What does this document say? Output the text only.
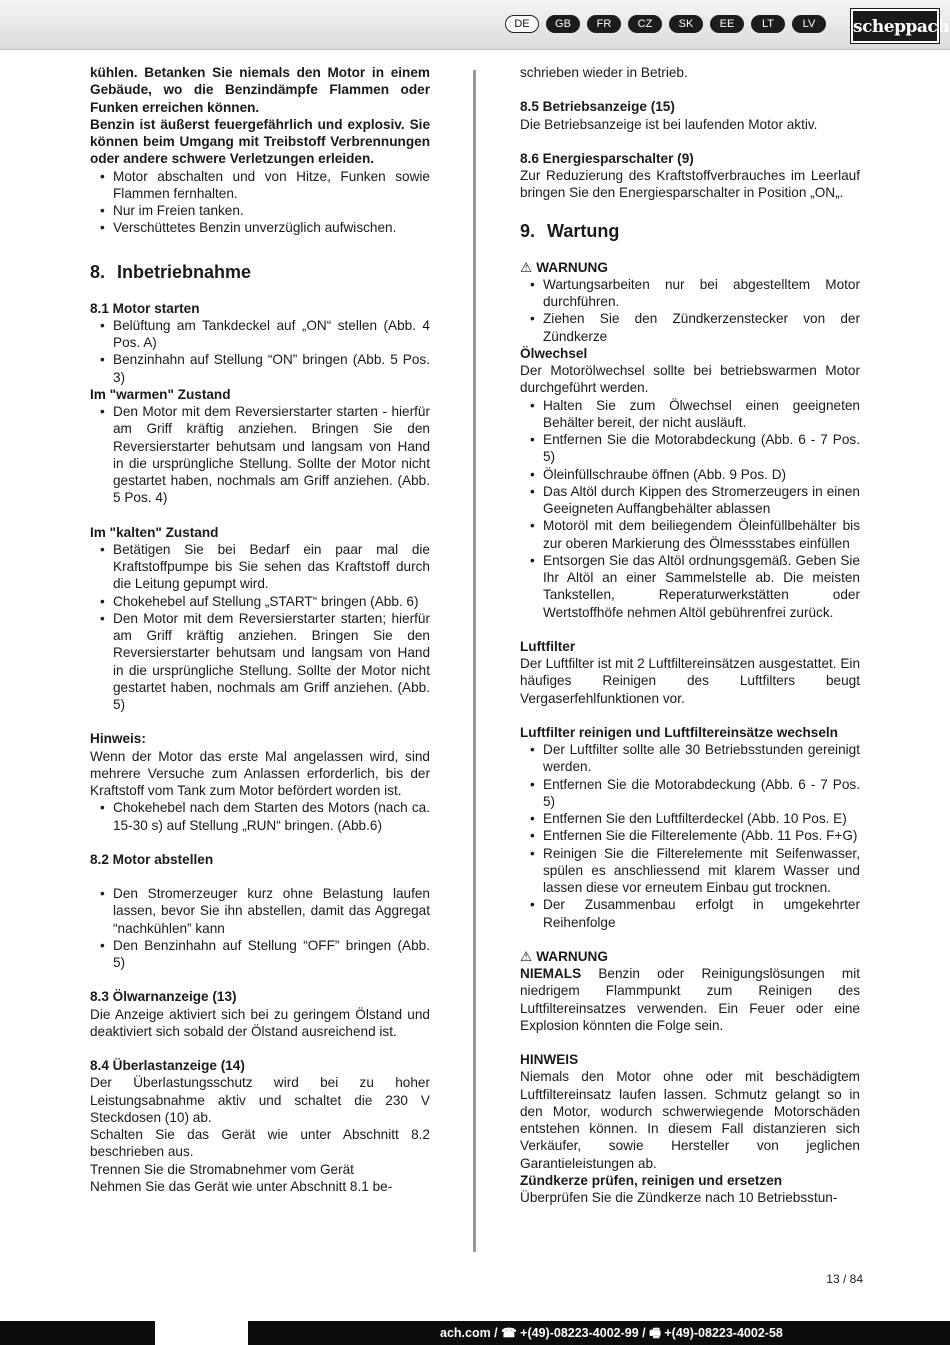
DE	GB	FR	CZ	SK	EE	LT	LV	scheppach

kühlen. Betanken Sie niemals den Motor in einem Gebäude, wo die Benzindämpfe Flammen oder Funken erreichen können.

Benzin ist äußerst feuergefährlich und explosiv. Sie können beim Umgang mit Treibstoff Verbrennungen oder andere schwere Verletzungen erleiden.

• Motor abschalten und von Hitze, Funken sowie Flammen fernhalten.
• Nur im Freien tanken.
• Verschüttetes Benzin unverzüglich aufwischen.
8. Inbetriebnahme

8.1 Motor starten

• Belüftung am Tankdeckel auf „ON“ stellen (Abb. 4 Pos. A)
• Benzinhahn auf Stellung “ON” bringen (Abb. 5 Pos. 3)

Im "warmen" Zustand

• Den Motor mit dem Reversierstarter starten - hierfür am Griff kräftig anziehen. Bringen Sie den Reversierstarter behutsam und langsam von Hand in die ursprüngliche Stellung. Sollte der Motor nicht gestartet haben, nochmals am Griff anziehen. (Abb. 5 Pos. 4)

Im "kalten" Zustand

• Betätigen Sie bei Bedarf ein paar mal die Kraftstoffpumpe bis Sie sehen das Kraftstoff durch die Leitung gepumpt wird.
• Chokehebel auf Stellung „START“ bringen (Abb. 6)
• Den Motor mit dem Reversierstarter starten; hierfür am Griff kräftig anziehen. Bringen Sie den Reversierstarter behutsam und langsam von Hand in die ursprüngliche Stellung. Sollte der Motor nicht gestartet haben, nochmals am Griff anziehen. (Abb. 5)

Hinweis:

Wenn der Motor das erste Mal angelassen wird, sind mehrere Versuche zum Anlassen erforderlich, bis der Kraftstoff vom Tank zum Motor befördert worden ist.

• Chokehebel nach dem Starten des Motors (nach ca. 15-30 s) auf Stellung „RUN“ bringen. (Abb.6)

8.2 Motor abstellen

• Den Stromerzeuger kurz ohne Belastung laufen lassen, bevor Sie ihn abstellen, damit das Aggregat “nachkühlen” kann
• Den Benzinhahn auf Stellung “OFF” bringen (Abb. 5)

8.3 Ölwarnanzeige (13)

Die Anzeige aktiviert sich bei zu geringem Ölstand und deaktiviert sich sobald der Ölstand ausreichend ist.

8.4 Überlastanzeige (14)

Der Überlastungsschutz wird bei zu hoher Leistungsabnahme aktiv und schaltet die 230 V Steckdosen (10) ab.

Schalten Sie das Gerät wie unter Abschnitt 8.2 beschrieben aus.

Trennen Sie die Stromabnehmer vom Gerät

Nehmen Sie das Gerät wie unter Abschnitt 8.1 be-

schrieben wieder in Betrieb.

8.5 Betriebsanzeige (15)

Die Betriebsanzeige ist bei laufenden Motor aktiv.

8.6 Energiesparschalter (9)

Zur Reduzierung des Kraftstoffverbrauches im Leerlauf bringen Sie den Energiesparschalter in Position „ON„.

9. Wartung

⚠ WARNUNG

• Wartungsarbeiten nur bei abgestelltem Motor durchführen.
• Ziehen Sie den Zündkerzenstecker von der Zündkerze

Ölwechsel

Der Motorölwechsel sollte bei betriebswarmen Motor durchgeführt werden.

• Halten Sie zum Ölwechsel einen geeigneten Behälter bereit, der nicht ausläuft.
• Entfernen Sie die Motorabdeckung (Abb. 6 - 7 Pos. 5)
• Öleinfüllschraube öffnen (Abb. 9 Pos. D)
• Das Altöl durch Kippen des Stromerzeugers in einen Geeigneten Auffangbehälter ablassen
• Motoröl mit dem beiliegendem Öleinfüllbehälter bis zur oberen Markierung des Ölmessstabes einfüllen
• Entsorgen Sie das Altöl ordnungsgemäß. Geben Sie Ihr Altöl an einer Sammelstelle ab. Die meisten Tankstellen, Reperaturwerkstätten oder Wertstoffhöfe nehmen Altöl gebührenfrei zurück.

Luftfilter

Der Luftfilter ist mit 2 Luftfiltereinsätzen ausgestattet. Ein häufiges Reinigen des Luftfilters beugt Vergaserfehlfunktionen vor.

Luftfilter reinigen und Luftfiltereinsätze wechseln

• Der Luftfilter sollte alle 30 Betriebsstunden gereinigt werden.
• Entfernen Sie die Motorabdeckung (Abb. 6 - 7 Pos. 5)
• Entfernen Sie den Luftfilterdeckel (Abb. 10 Pos. E)
• Entfernen Sie die Filterelemente (Abb. 11 Pos. F+G)
• Reinigen Sie die Filterelemente mit Seifenwasser, spülen es anschliessend mit klarem Wasser und lassen diese vor erneutem Einbau gut trocknen.
• Der Zusammenbau erfolgt in umgekehrter Reihenfolge

⚠ WARNUNG

NIEMALS Benzin oder Reinigungslösungen mit niedrigem Flammpunkt zum Reinigen des Luftfiltereinsatzes verwenden. Ein Feuer oder eine Explosion könnten die Folge sein.

HINWEIS

Niemals den Motor ohne oder mit beschädigtem Luftfiltereinsatz laufen lassen. Schmutz gelangt so in den Motor, wodurch schwerwiegende Motorschäden entstehen können. In diesem Fall distanzieren sich Verkäufer, sowie Hersteller von jeglichen Garantieleistungen ab.

Zündkerze prüfen, reinigen und ersetzen

Überprüfen Sie die Zündkerze nach 10 Betriebsstun-

13 / 84
ach.com / ☎ +(49)-08223-4002-99 / 🖷 +(49)-08223-4002-58
